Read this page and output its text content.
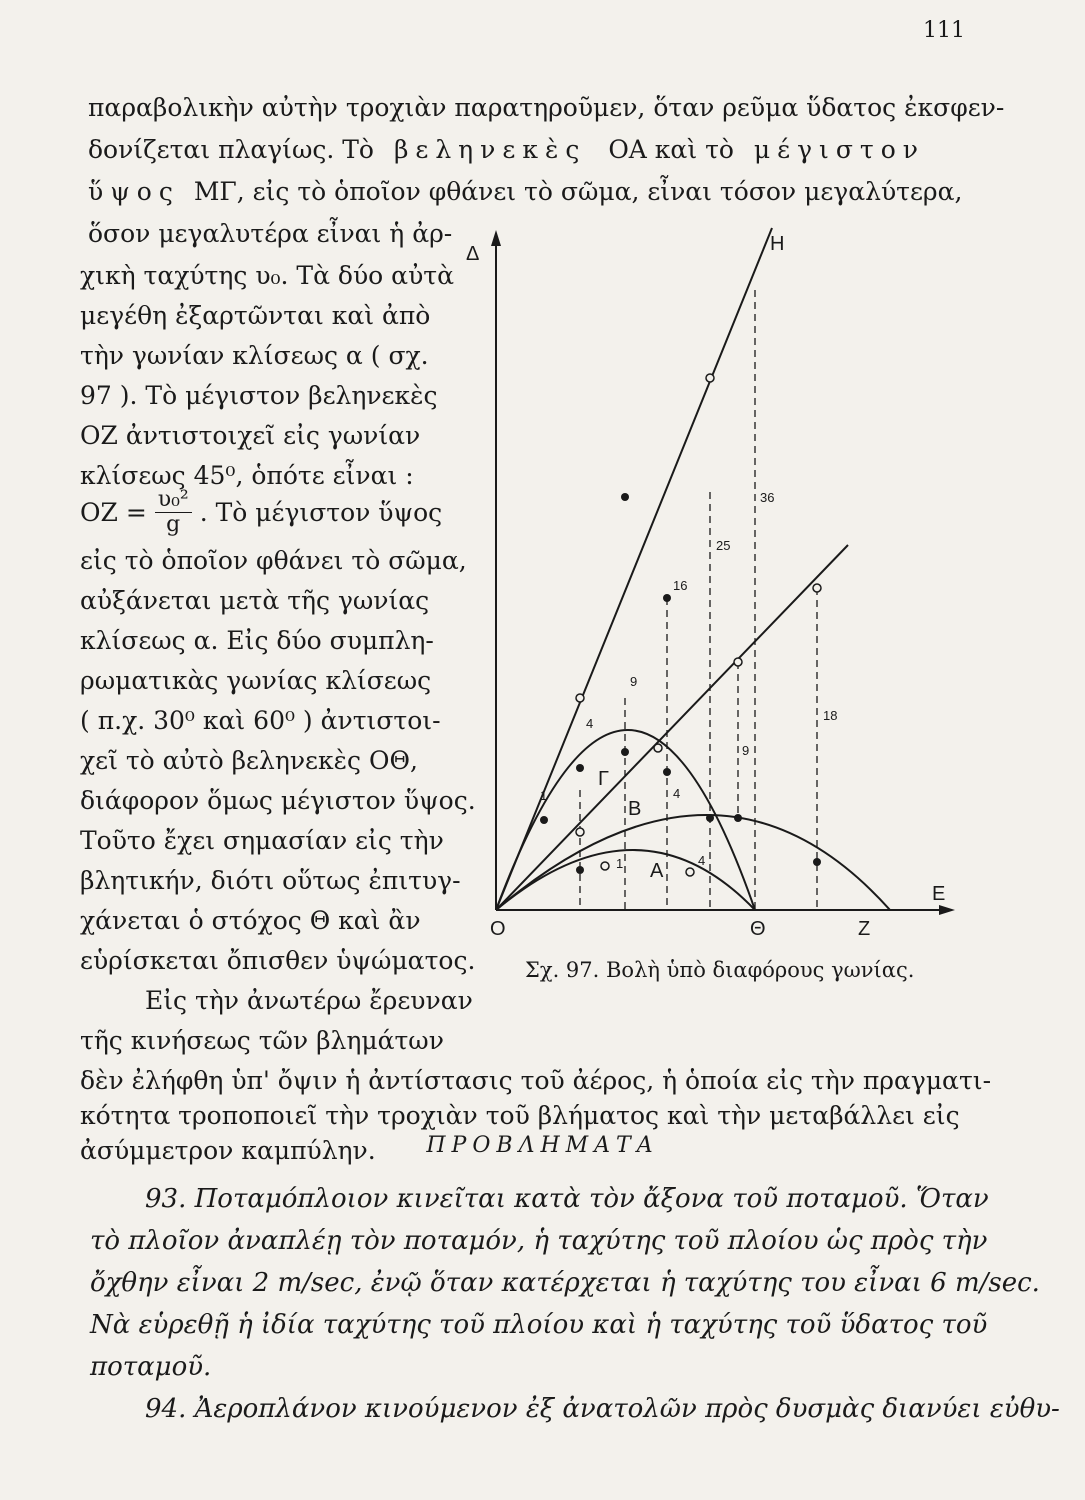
111
παραβολικὴν αὐτὴν τροχιὰν παρατηροῦμεν, ὅταν ρεῦμα ὕδατος ἐκσφεν-
δονίζεται πλαγίως. Τὸ βεληνεκὲς ΟΑ καὶ τὸ μέγιστον
ὕψος ΜΓ, εἰς τὸ ὁποῖον φθάνει τὸ σῶμα, εἶναι τόσον μεγαλύτερα,
ὅσον μεγαλυτέρα εἶναι ἡ ἀρ-
χικὴ ταχύτης υ₀. Τὰ δύο αὐτὰ
μεγέθη ἐξαρτῶνται καὶ ἀπὸ
τὴν γωνίαν κλίσεως α ( σχ.
97 ). Τὸ μέγιστον βεληνεκὲς
ΟΖ ἀντιστοιχεῖ εἰς γωνίαν
κλίσεως 45⁰, ὁπότε εἶναι :
$OZ = \frac{\text{υ₀²}}{g}$ . Τὸ μέγιστον ὕψος
εἰς τὸ ὁποῖον φθάνει τὸ σῶμα,
αὐξάνεται μετὰ τῆς γωνίας
κλίσεως α. Εἰς δύο συμπλη-
ρωματικὰς γωνίας κλίσεως
( π.χ. 30⁰ καὶ 60⁰ ) ἀντιστοι-
χεῖ τὸ αὐτὸ βεληνεκὲς ΟΘ,
διάφορον ὅμως μέγιστον ὕψος.
Τοῦτο ἔχει σημασίαν εἰς τὴν
βλητικήν, διότι οὕτως ἐπιτυγ-
χάνεται ὁ στόχος Θ καὶ ἂν
εὑρίσκεται ὄπισθεν ὑψώματος.
Εἰς τὴν ἀνωτέρω ἔρευναν
τῆς κινήσεως τῶν βλημάτων
δὲν ἐλήφθη ὑπ' ὄψιν ἡ ἀντίστασις τοῦ ἀέρος, ἡ ὁποία εἰς τὴν πραγματι-
κότητα τροποποιεῖ τὴν τροχιὰν τοῦ βλήματος καὶ τὴν μεταβάλλει εἰς
ἀσύμμετρον καμπύλην.	ΠΡΟΒΛΗΜΑΤΑ
93. Ποταμόπλοιον κινεῖται κατὰ τὸν ἄξονα τοῦ ποταμοῦ. Ὅταν
τὸ πλοῖον ἀναπλέῃ τὸν ποταμόν, ἡ ταχύτης τοῦ πλοίου ὡς πρὸς τὴν
ὄχθην εἶναι 2 m/sec, ἐνῷ ὅταν κατέρχεται ἡ ταχύτης του εἶναι 6 m/sec.
Νὰ εὑρεθῇ ἡ ἰδία ταχύτης τοῦ πλοίου καὶ ἡ ταχύτης τοῦ ὕδατος τοῦ
ποταμοῦ.
94. Ἀεροπλάνον κινούμενον ἐξ ἀνατολῶν πρὸς δυσμὰς διανύει εὐθυ-
Δ	Η
Ε
O	Θ	Z
Γ
Β
Α
36
25
16
9
4
1
18
9
4
4
1
Σχ. 97. Βολὴ ὑπὸ διαφόρους γωνίας.
